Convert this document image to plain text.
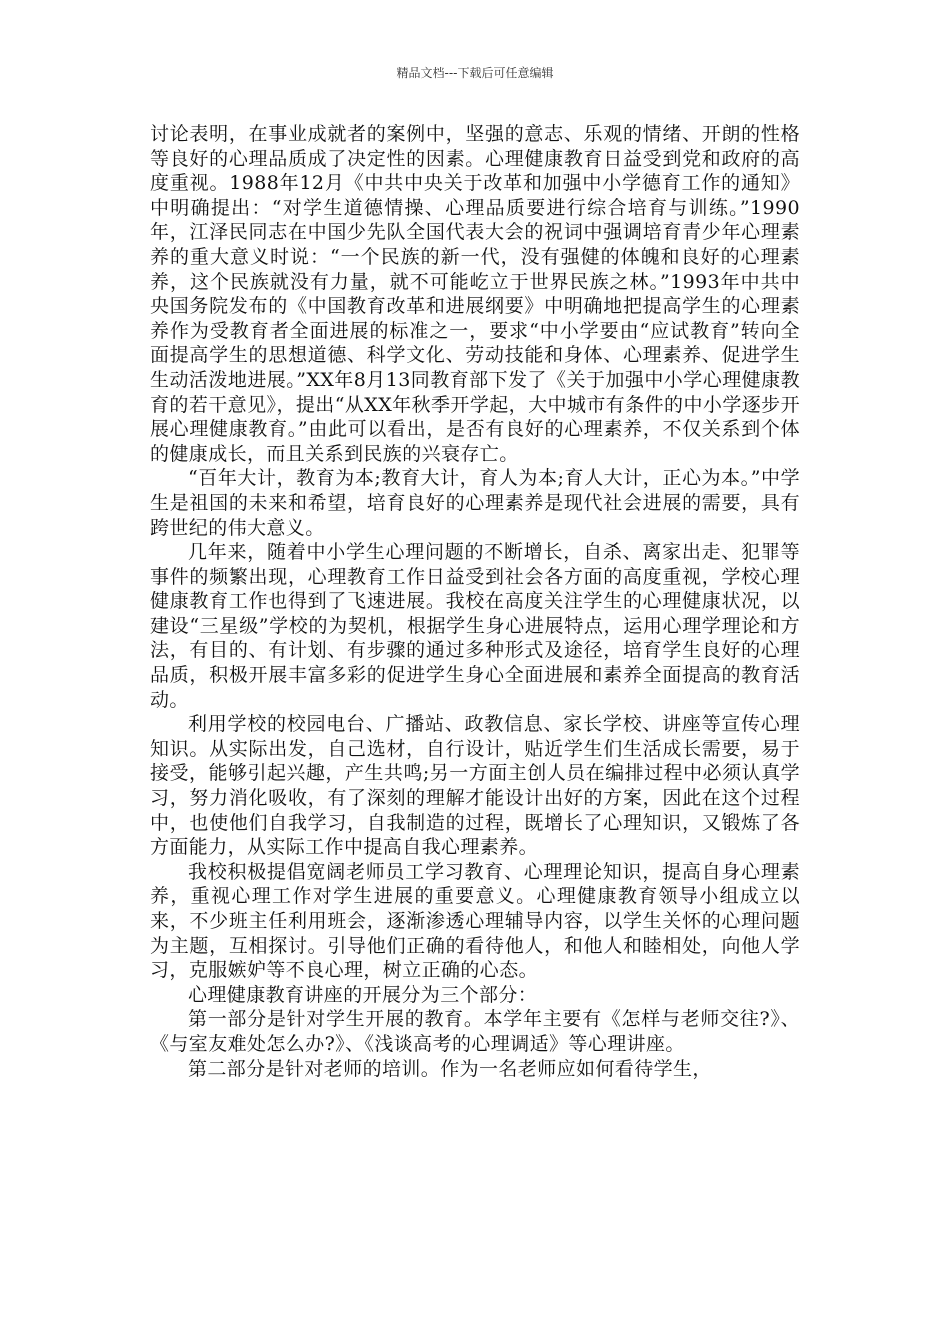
精品文档---下载后可任意编辑

讨论表明，在事业成就者的案例中，坚强的意志、乐观的情绪、开朗的性格等良好的心理品质成了决定性的因素。心理健康教育日益受到党和政府的高度重视。1988年12月《中共中央关于改革和加强中小学德育工作的通知》中明确提出：“对学生道德情操、心理品质要进行综合培育与训练。”1990年，江泽民同志在中国少先队全国代表大会的祝词中强调培育青少年心理素养的重大意义时说：“一个民族的新一代，没有强健的体魄和良好的心理素养，这个民族就没有力量，就不可能屹立于世界民族之林。”1993年中共中央国务院发布的《中国教育改革和进展纲要》中明确地把提高学生的心理素养作为受教育者全面进展的标准之一，要求“中小学要由“应试教育”转向全面提高学生的思想道德、科学文化、劳动技能和身体、心理素养、促进学生生动活泼地进展。”XX年8月13同教育部下发了《关于加强中小学心理健康教育的若干意见》，提出“从XX年秋季开学起，大中城市有条件的中小学逐步开展心理健康教育。”由此可以看出，是否有良好的心理素养，不仅关系到个体的健康成长，而且关系到民族的兴衰存亡。

“百年大计，教育为本;教育大计，育人为本;育人大计，正心为本。”中学生是祖国的未来和希望，培育良好的心理素养是现代社会进展的需要，具有跨世纪的伟大意义。

几年来，随着中小学生心理问题的不断增长，自杀、离家出走、犯罪等事件的频繁出现，心理教育工作日益受到社会各方面的高度重视，学校心理健康教育工作也得到了飞速进展。我校在高度关注学生的心理健康状况，以建设“三星级”学校的为契机，根据学生身心进展特点，运用心理学理论和方法，有目的、有计划、有步骤的通过多种形式及途径，培育学生良好的心理品质，积极开展丰富多彩的促进学生身心全面进展和素养全面提高的教育活动。

利用学校的校园电台、广播站、政教信息、家长学校、讲座等宣传心理知识。从实际出发，自己选材，自行设计，贴近学生们生活成长需要，易于接受，能够引起兴趣，产生共鸣;另一方面主创人员在编排过程中必须认真学习，努力消化吸收，有了深刻的理解才能设计出好的方案，因此在这个过程中，也使他们自我学习，自我制造的过程，既增长了心理知识，又锻炼了各方面能力，从实际工作中提高自我心理素养。

我校积极提倡宽阔老师员工学习教育、心理理论知识，提高自身心理素养，重视心理工作对学生进展的重要意义。心理健康教育领导小组成立以来，不少班主任利用班会，逐渐渗透心理辅导内容，以学生关怀的心理问题为主题，互相探讨。引导他们正确的看待他人，和他人和睦相处，向他人学习，克服嫉妒等不良心理，树立正确的心态。

心理健康教育讲座的开展分为三个部分：

第一部分是针对学生开展的教育。本学年主要有《怎样与老师交往?》、《与室友难处怎么办?》、《浅谈高考的心理调适》等心理讲座。

第二部分是针对老师的培训。作为一名老师应如何看待学生，
